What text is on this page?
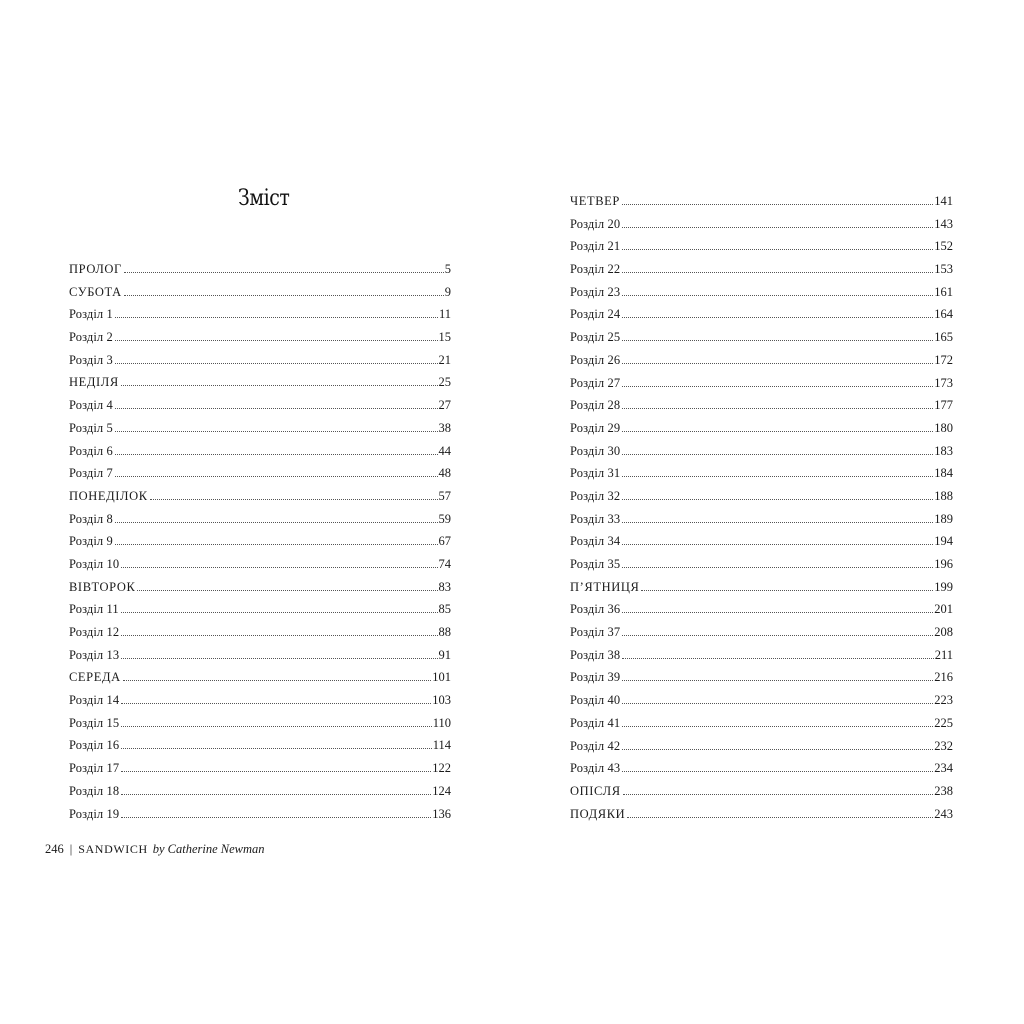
Зміст
ПРОЛОГ	5
СУБОТА	9
Розділ 1	11
Розділ 2	15
Розділ 3	21
НЕДІЛЯ	25
Розділ 4	27
Розділ 5	38
Розділ 6	44
Розділ 7	48
ПОНЕДІЛОК	57
Розділ 8	59
Розділ 9	67
Розділ 10	74
ВІВТОРОК	83
Розділ 11	85
Розділ 12	88
Розділ 13	91
СЕРЕДА	101
Розділ 14	103
Розділ 15	110
Розділ 16	114
Розділ 17	122
Розділ 18	124
Розділ 19	136
ЧЕТВЕР	141
Розділ 20	143
Розділ 21	152
Розділ 22	153
Розділ 23	161
Розділ 24	164
Розділ 25	165
Розділ 26	172
Розділ 27	173
Розділ 28	177
Розділ 29	180
Розділ 30	183
Розділ 31	184
Розділ 32	188
Розділ 33	189
Розділ 34	194
Розділ 35	196
П’ЯТНИЦЯ	199
Розділ 36	201
Розділ 37	208
Розділ 38	211
Розділ 39	216
Розділ 40	223
Розділ 41	225
Розділ 42	232
Розділ 43	234
ОПІСЛЯ	238
ПОДЯКИ	243
246 | SANDWICH by Catherine Newman
